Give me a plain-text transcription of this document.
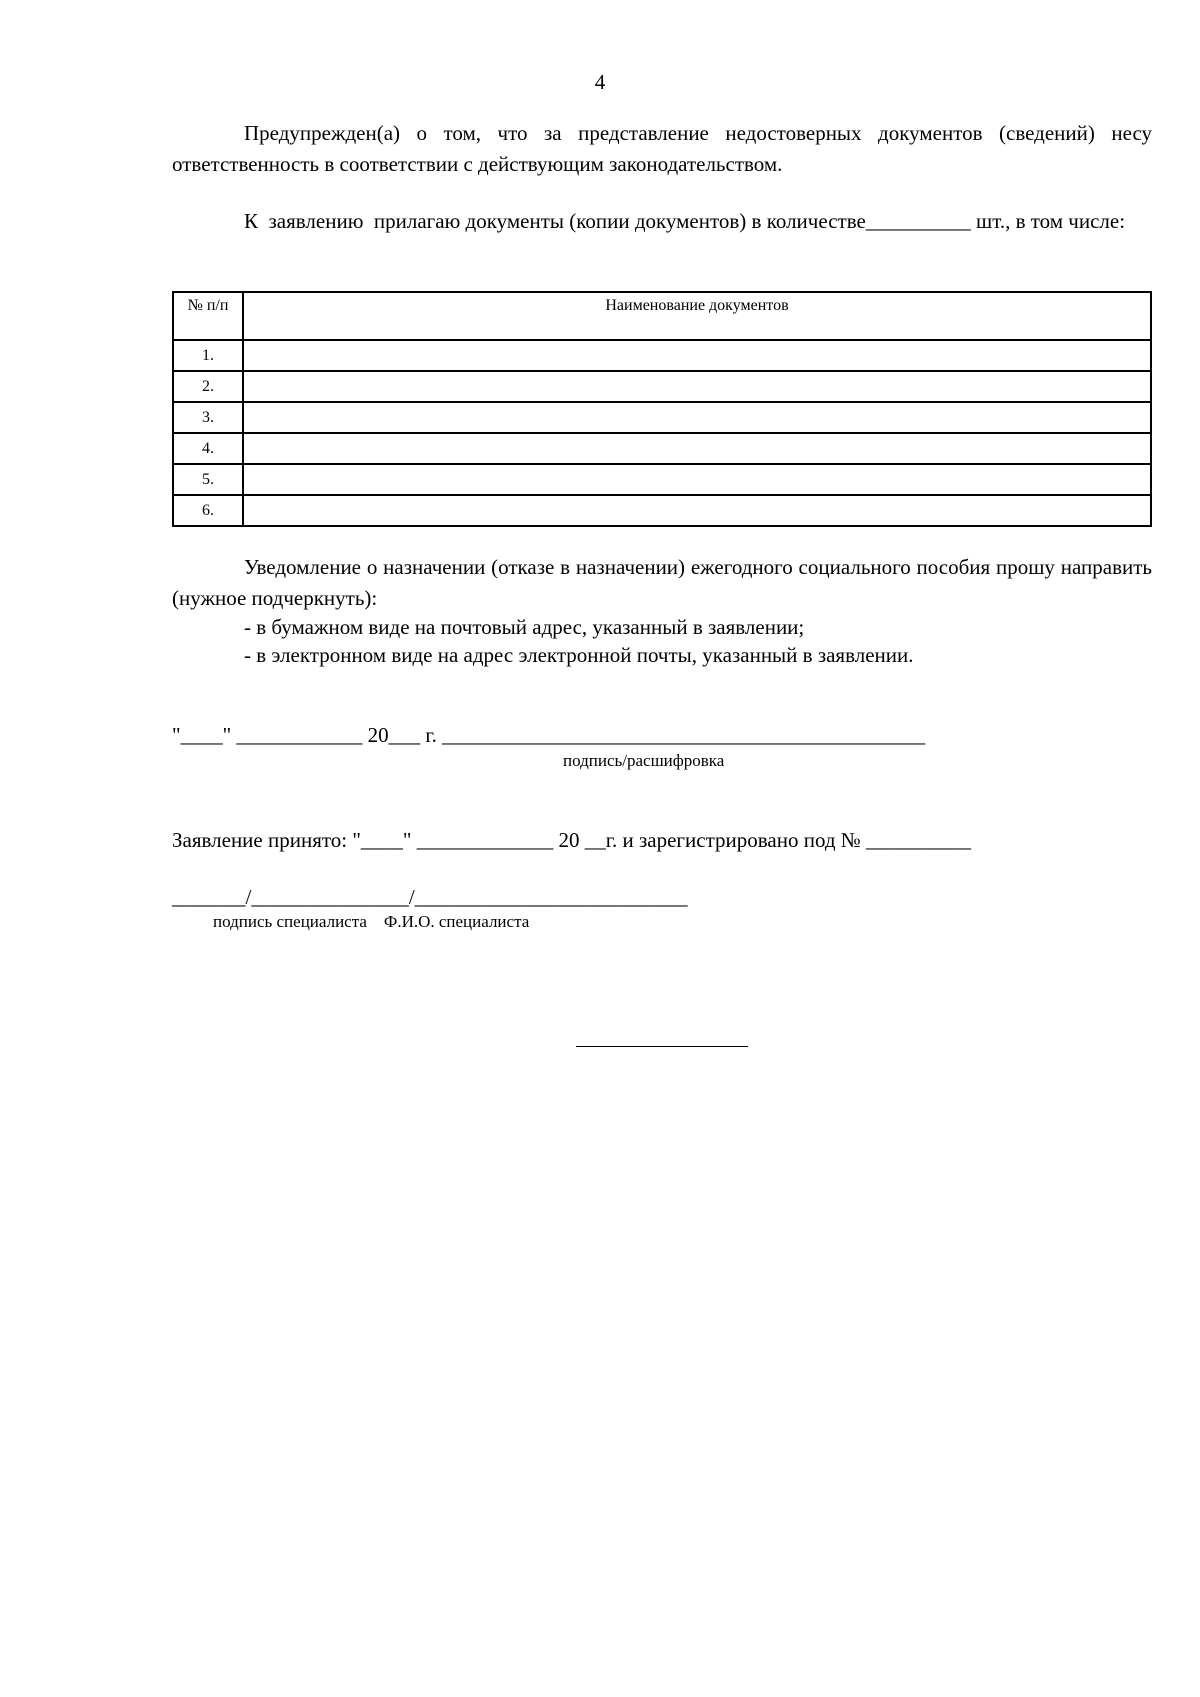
4
Предупрежден(а) о том, что за представление недостоверных документов (сведений) несу  ответственность в соответствии с действующим законодательством.
К  заявлению  прилагаю документы (копии документов) в количестве__________ шт., в том числе:
№ п/п	Наименование документов
1.	
2.	
3.	
4.	
5.	
6.	
Уведомление о назначении (отказе в назначении) ежегодного социального пособия прошу направить (нужное подчеркнуть):
- в бумажном виде на почтовый адрес, указанный в заявлении;
- в электронном виде на адрес электронной почты, указанный в заявлении.
"____" ____________ 20___ г. ______________________________________________
подпись/расшифровка
Заявление принято: "____" _____________ 20 __г. и зарегистрировано под № __________
_______/_______________/__________________________
подпись специалиста    Ф.И.О. специалиста
